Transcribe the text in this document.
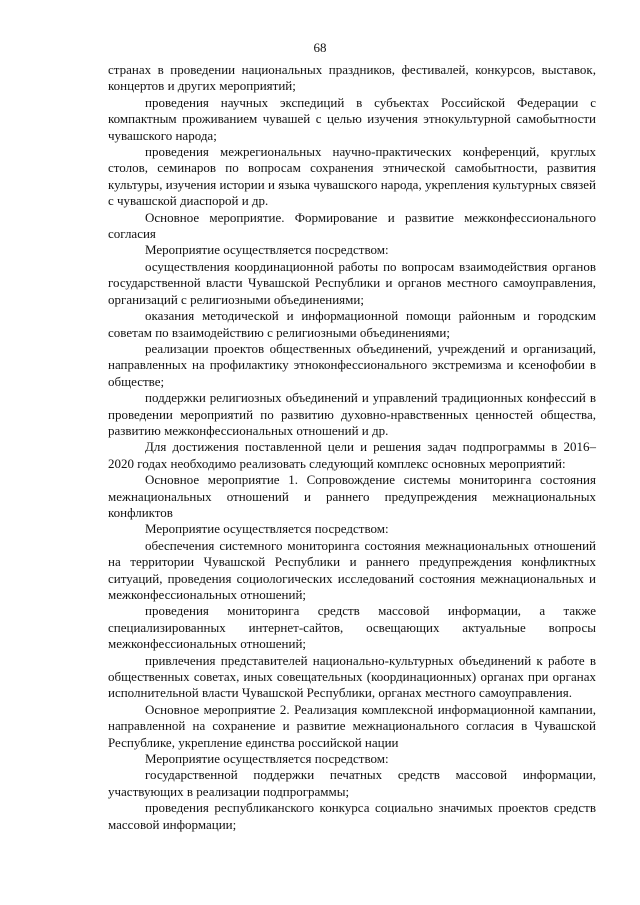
68

странах в проведении национальных праздников, фестивалей, конкурсов, выставок, концертов и других мероприятий;

проведения научных экспедиций в субъектах Российской Федерации с компактным проживанием чувашей с целью изучения этнокультурной самобытности чувашского народа;

проведения межрегиональных научно-практических конференций, круглых столов, семинаров по вопросам сохранения этнической самобытности, развития культуры, изучения истории и языка чувашского народа, укрепления культурных связей с чувашской диаспорой и др.

Основное мероприятие. Формирование и развитие межконфессионального согласия

Мероприятие осуществляется посредством:

осуществления координационной работы по вопросам взаимодействия органов государственной власти Чувашской Республики и органов местного самоуправления, организаций с религиозными объединениями;

оказания методической и информационной помощи районным и городским советам по взаимодействию с религиозными объединениями;

реализации проектов общественных объединений, учреждений и организаций, направленных на профилактику этноконфессионального экстремизма и ксенофобии в обществе;

поддержки религиозных объединений и управлений традиционных конфессий в проведении мероприятий по развитию духовно-нравственных ценностей общества, развитию межконфессиональных отношений и др.

Для достижения поставленной цели и решения задач подпрограммы в 2016–2020 годах необходимо реализовать следующий комплекс основных мероприятий:

Основное мероприятие 1. Сопровождение системы мониторинга состояния межнациональных отношений и раннего предупреждения межнациональных конфликтов

Мероприятие осуществляется посредством:

обеспечения системного мониторинга состояния межнациональных отношений на территории Чувашской Республики и раннего предупреждения конфликтных ситуаций, проведения социологических исследований состояния межнациональных и межконфессиональных отношений;

проведения мониторинга средств массовой информации, а также специализированных интернет-сайтов, освещающих актуальные вопросы межконфессиональных отношений;

привлечения представителей национально-культурных объединений к работе в общественных советах, иных совещательных (координационных) органах при органах исполнительной власти Чувашской Республики, органах местного самоуправления.

Основное мероприятие 2. Реализация комплексной информационной кампании, направленной на сохранение и развитие межнационального согласия в Чувашской Республике, укрепление единства российской нации

Мероприятие осуществляется посредством:

государственной поддержки печатных средств массовой информации, участвующих в реализации подпрограммы;

проведения республиканского конкурса социально значимых проектов средств массовой информации;
